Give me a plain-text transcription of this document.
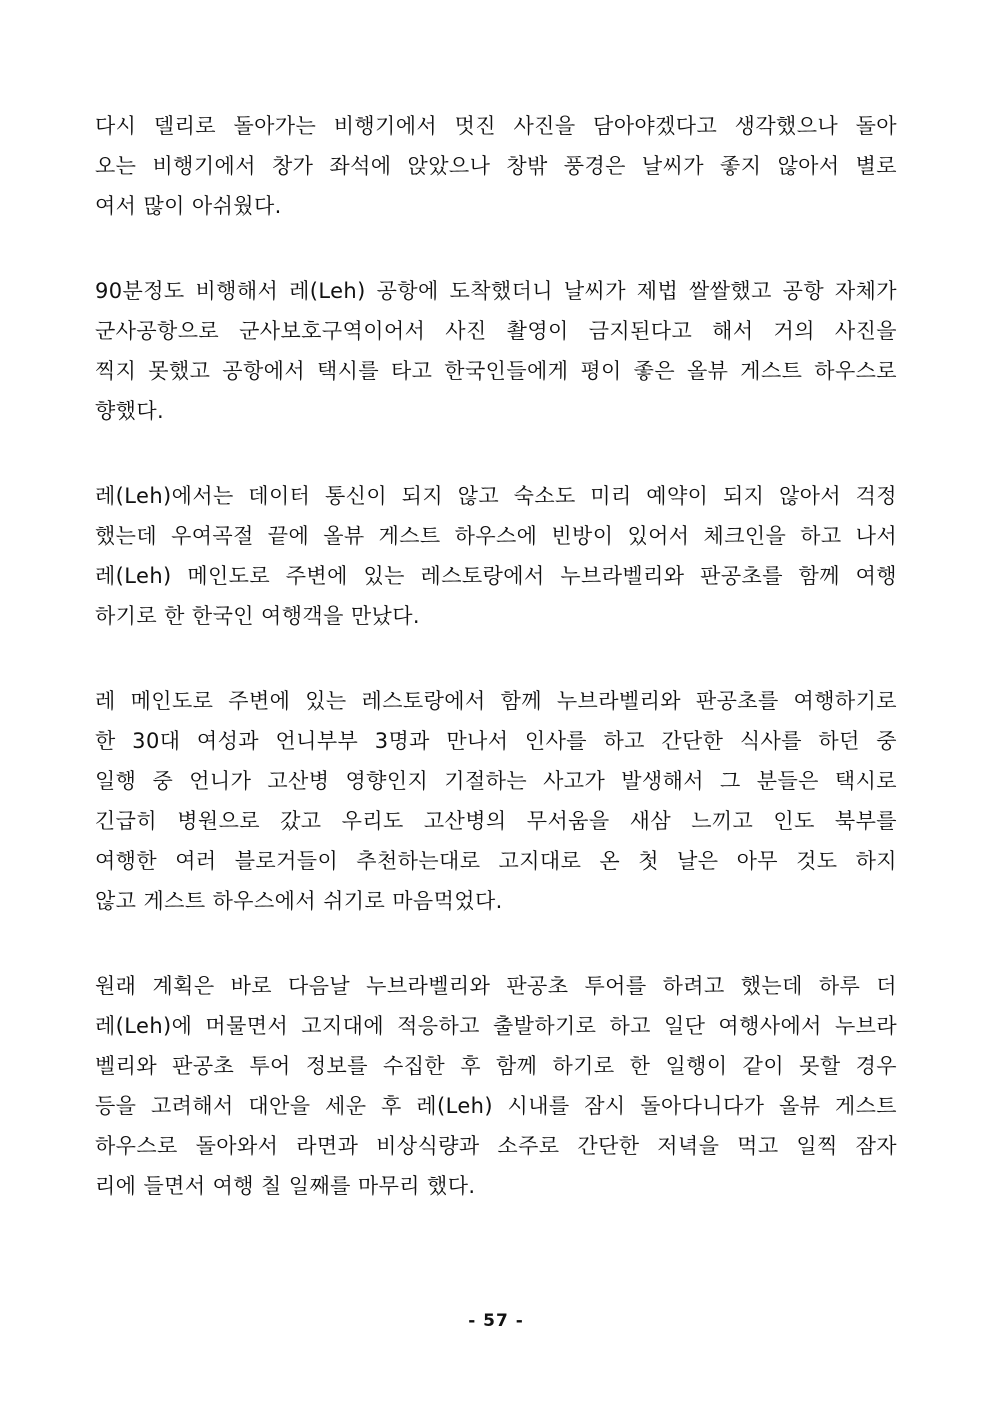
다시 델리로 돌아가는 비행기에서 멋진 사진을 담아야겠다고 생각했으나 돌아
오는 비행기에서 창가 좌석에 앉았으나 창밖 풍경은 날씨가 좋지 않아서 별로
여서 많이 아쉬웠다.

90분정도 비행해서 레(Leh) 공항에 도착했더니 날씨가 제법 쌀쌀했고 공항 자체가
군사공항으로 군사보호구역이어서 사진 촬영이 금지된다고 해서 거의 사진을
찍지 못했고 공항에서 택시를 타고 한국인들에게 평이 좋은 올뷰 게스트 하우스로
향했다.

레(Leh)에서는 데이터 통신이 되지 않고 숙소도 미리 예약이 되지 않아서 걱정
했는데 우여곡절 끝에 올뷰 게스트 하우스에 빈방이 있어서 체크인을 하고 나서
레(Leh) 메인도로 주변에 있는 레스토랑에서 누브라벨리와 판공초를 함께 여행
하기로 한 한국인 여행객을 만났다.

레 메인도로 주변에 있는 레스토랑에서 함께 누브라벨리와 판공초를 여행하기로
한 30대 여성과 언니부부 3명과 만나서 인사를 하고 간단한 식사를 하던 중
일행 중 언니가 고산병 영향인지 기절하는 사고가 발생해서 그 분들은 택시로
긴급히 병원으로 갔고 우리도 고산병의 무서움을 새삼 느끼고 인도 북부를
여행한 여러 블로거들이 추천하는대로 고지대로 온 첫 날은 아무 것도 하지
않고 게스트 하우스에서 쉬기로 마음먹었다.

원래 계획은 바로 다음날 누브라벨리와 판공초 투어를 하려고 했는데 하루 더
레(Leh)에 머물면서 고지대에 적응하고 출발하기로 하고 일단 여행사에서 누브라
벨리와 판공초 투어 정보를 수집한 후 함께 하기로 한 일행이 같이 못할 경우
등을 고려해서 대안을 세운 후 레(Leh) 시내를 잠시 돌아다니다가 올뷰 게스트
하우스로 돌아와서 라면과 비상식량과 소주로 간단한 저녁을 먹고 일찍 잠자
리에 들면서 여행 칠 일째를 마무리 했다.

- 57 -
